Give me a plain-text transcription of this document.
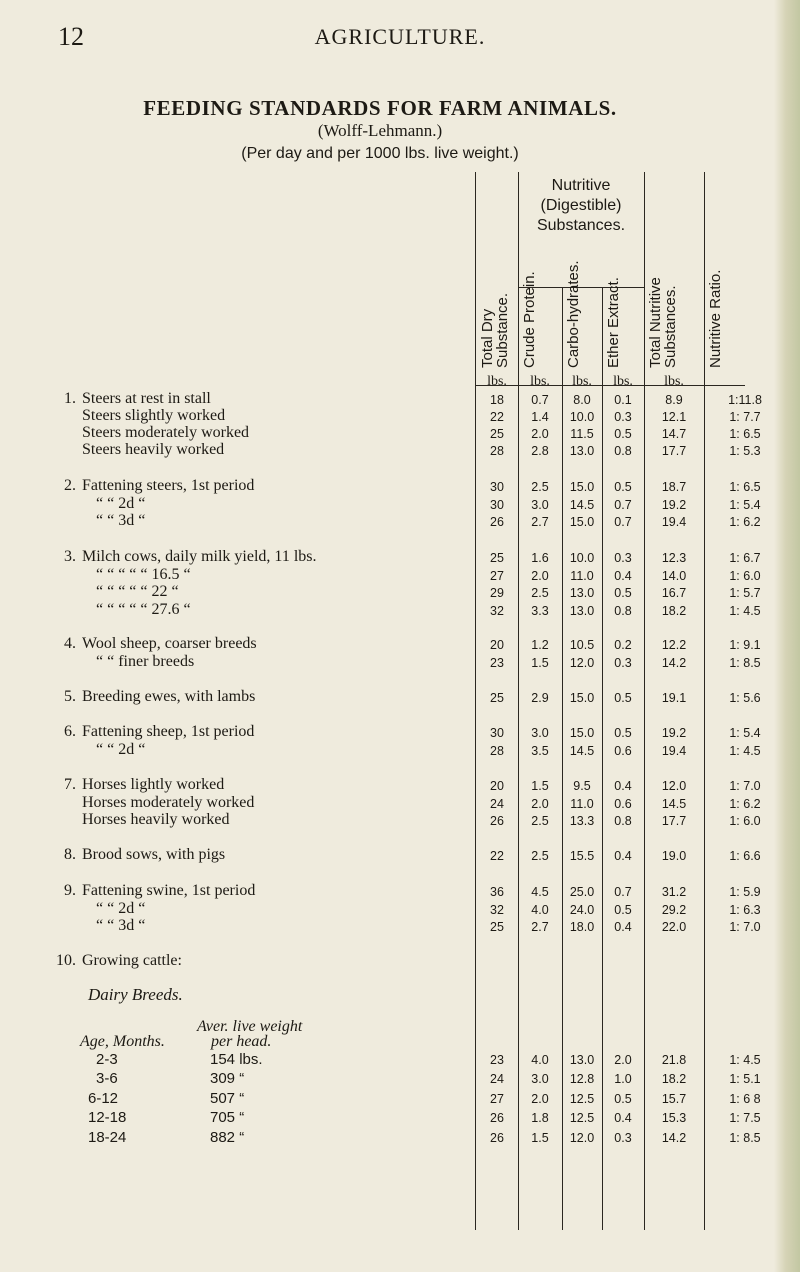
12	AGRICULTURE.
FEEDING STANDARDS FOR FARM ANIMALS.
(Wolff-Lehmann.)
(Per day and per 1000 lbs. live weight.)
Nutritive (Digestible) Substances.
Total Dry Substance. Crude Protein. Carbo-hydrates. Ether Extract. Total Nutritive Substances. Nutritive Ratio.
lbs.	lbs.	lbs.	lbs.	lbs.
1. Steers at rest in stall	18	0.7	8.0	0.1	8.9	1:11.8
Steers slightly worked	22	1.4	10.0	0.3	12.1	1: 7.7
Steers moderately worked	25	2.0	11.5	0.5	14.7	1: 6.5
Steers heavily worked	28	2.8	13.0	0.8	17.7	1: 5.3
2. Fattening steers, 1st period	30	2.5	15.0	0.5	18.7	1: 6.5
“ “ 2d “	30	3.0	14.5	0.7	19.2	1: 5.4
“ “ 3d “	26	2.7	15.0	0.7	19.4	1: 6.2
3. Milch cows, daily milk yield, 11 lbs.	25	1.6	10.0	0.3	12.3	1: 6.7
“ “ “ “ “ 16.5 “	27	2.0	11.0	0.4	14.0	1: 6.0
“ “ “ “ “ 22 “	29	2.5	13.0	0.5	16.7	1: 5.7
“ “ “ “ “ 27.6 “	32	3.3	13.0	0.8	18.2	1: 4.5
4. Wool sheep, coarser breeds	20	1.2	10.5	0.2	12.2	1: 9.1
“ “ finer breeds	23	1.5	12.0	0.3	14.2	1: 8.5
5. Breeding ewes, with lambs	25	2.9	15.0	0.5	19.1	1: 5.6
6. Fattening sheep, 1st period	30	3.0	15.0	0.5	19.2	1: 5.4
“ “ 2d “	28	3.5	14.5	0.6	19.4	1: 4.5
7. Horses lightly worked	20	1.5	9.5	0.4	12.0	1: 7.0
Horses moderately worked	24	2.0	11.0	0.6	14.5	1: 6.2
Horses heavily worked	26	2.5	13.3	0.8	17.7	1: 6.0
8. Brood sows, with pigs	22	2.5	15.5	0.4	19.0	1: 6.6
9. Fattening swine, 1st period	36	4.5	25.0	0.7	31.2	1: 5.9
“ “ 2d “	32	4.0	24.0	0.5	29.2	1: 6.3
“ “ 3d “	25	2.7	18.0	0.4	22.0	1: 7.0
10. Growing cattle:
Dairy Breeds.
Aver. live weight
Age, Months.	per head.
2-3	154 lbs.	23	4.0	13.0	2.0	21.8	1: 4.5
3-6	309 “	24	3.0	12.8	1.0	18.2	1: 5.1
6-12	507 “	27	2.0	12.5	0.5	15.7	1: 6 8
12-18	705 “	26	1.8	12.5	0.4	15.3	1: 7.5
18-24	882 “	26	1.5	12.0	0.3	14.2	1: 8.5
